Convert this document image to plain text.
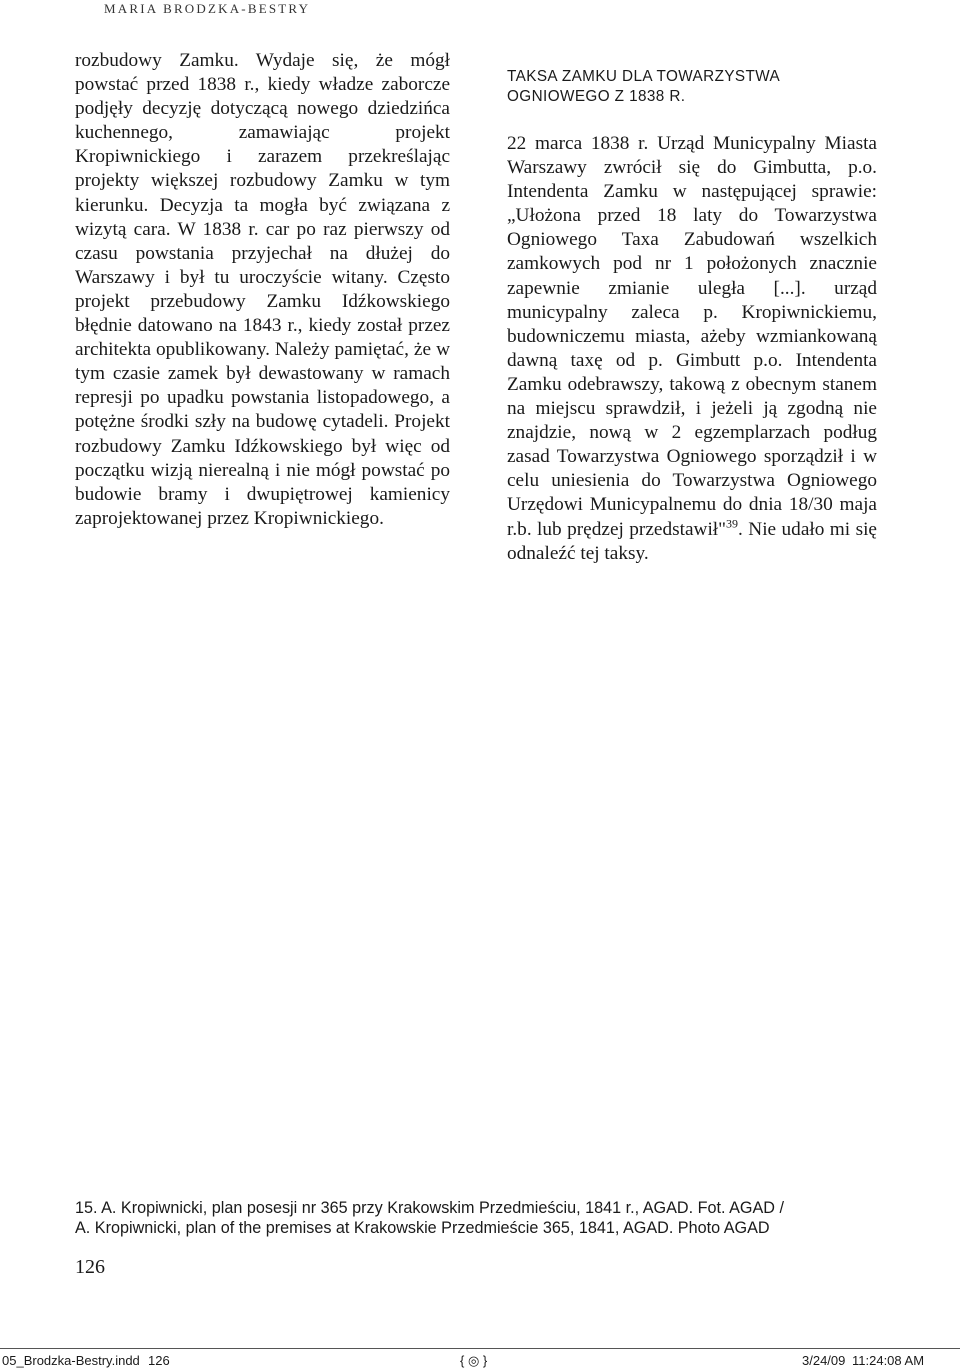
MARIA BRODZKA-BESTRY

rozbudowy Zamku. Wydaje się, że mógł powstać przed 1838 r., kiedy władze zaborcze podjęły decyzję dotyczącą nowego dziedzińca kuchennego, zamawiając projekt Kropiwnickiego i zarazem przekreślając projekty większej rozbudowy Zamku w tym kierunku. Decyzja ta mogła być związana z wizytą cara. W 1838 r. car po raz pierwszy od czasu powstania przyjechał na dłużej do Warszawy i był tu uroczyście witany. Często projekt przebudowy Zamku Idźkowskiego błędnie datowano na 1843 r., kiedy został przez architekta opublikowany. Należy pamiętać, że w tym czasie zamek był dewastowany w ramach represji po upadku powstania listopadowego, a potężne środki szły na budowę cytadeli. Projekt rozbudowy Zamku Idźkowskiego był więc od początku wizją nierealną i nie mógł powstać po budowie bramy i dwupiętrowej kamienicy zaprojektowanej przez Kropiwnickiego.

TAKSA ZAMKU DLA TOWARZYSTWA OGNIOWEGO Z 1838 R.

22 marca 1838 r. Urząd Municypalny Miasta Warszawy zwrócił się do Gimbutta, p.o. Intendenta Zamku w następującej sprawie: „Ułożona przed 18 laty do Towarzystwa Ogniowego Taxa Zabudowań wszelkich zamkowych pod nr 1 położonych znacznie zapewnie zmianie uległa [...]. urząd municypalny zaleca p. Kropiwnickiemu, budowniczemu miasta, ażeby wzmiankowaną dawną taxę od p. Gimbutt p.o. Intendenta Zamku odebrawszy, takową z obecnym stanem na miejscu sprawdził, i jeżeli ją zgodną nie znajdzie, nową w 2 egzemplarzach podług zasad Towarzystwa Ogniowego sporządził i w celu uniesienia do Towarzystwa Ogniowego Urzędowi Municypalnemu do dnia 18/30 maja r.b. lub prędzej przedstawił"$^{39}$. Nie udało mi się odnaleźć tej taksy.

15. A. Kropiwnicki, plan posesji nr 365 przy Krakowskim Przedmieściu, 1841 r., AGAD. Fot. AGAD /

A. Kropiwnicki, plan of the premises at Krakowskie Przedmieście 365, 1841, AGAD. Photo AGAD

126
05_Brodzka-Bestry.indd 126	{ ◎ }	3/24/09 11:24:08 AM
